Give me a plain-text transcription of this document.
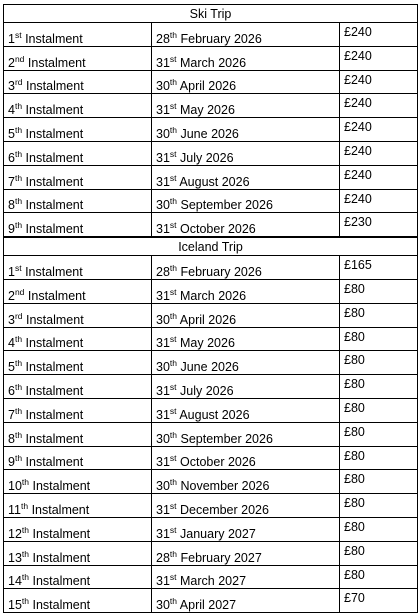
Ski Trip		
1st Instalment	28th February 2026	£240
2nd Instalment	31st March 2026	£240
3rd Instalment	30th April 2026	£240
4th Instalment	31st May 2026	£240
5th Instalment	30th June 2026	£240
6th Instalment	31st July 2026	£240
7th Instalment	31st August 2026	£240
8th Instalment	30th September 2026	£240
9th Instalment	31st October 2026	£230
Iceland Trip		
1st Instalment	28th February 2026	£165
2nd Instalment	31st March 2026	£80
3rd Instalment	30th April 2026	£80
4th Instalment	31st May 2026	£80
5th Instalment	30th June 2026	£80
6th Instalment	31st July 2026	£80
7th Instalment	31st August 2026	£80
8th Instalment	30th September 2026	£80
9th Instalment	31st October 2026	£80
10th Instalment	30th November 2026	£80
11th Instalment	31st December 2026	£80
12th Instalment	31st January 2027	£80
13th Instalment	28th February 2027	£80
14th Instalment	31st March 2027	£80
15th Instalment	30th April 2027	£70
